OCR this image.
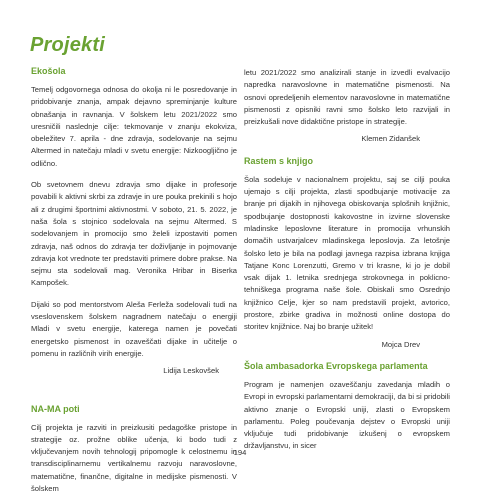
Projekti
Ekošola

Temelj odgovornega odnosa do okolja ni le posredovanje in pridobivanje znanja, ampak dejavno spreminjanje kulture obnašanja in ravnanja. V šolskem letu 2021/2022 smo uresničili naslednje cilje: tekmovanje v znanju ekokviza, obeležitev 7. aprila - dne zdravja, sodelovanje na sejmu Altermed in natečaju mladi v svetu energije: Nizkoogljično je odlično.

Ob svetovnem dnevu zdravja smo dijake in profesorje povabili k aktivni skrbi za zdravje in ure pouka prekinili s hojo ali z drugimi športnimi aktivnostmi. V soboto, 21. 5. 2022, je naša šola s stojnico sodelovala na sejmu Altermed. S sodelovanjem in promocijo smo želeli izpostaviti pomen zdravja, naš odnos do zdravja ter doživljanje in pojmovanje zdravja kot vrednote ter predstaviti primere dobre prakse. Na sejmu sta sodelovali mag. Veronika Hribar in Biserka Kampošek.

Dijaki so pod mentorstvom Aleša Ferleža sodelovali tudi na vseslovenskem šolskem nagradnem natečaju o energiji Mladi v svetu energije, katerega namen je povečati energetsko pismenost in ozaveščati dijake in učitelje o pomenu in različnih virih energije.

Lidija Leskovšek

NA-MA poti

Cilj projekta je razviti in preizkusiti pedagoške pristope in strategije oz. prožne oblike učenja, ki bodo tudi z vključevanjem novih tehnologij pripomogle k celostnemu in transdisciplinarnemu vertikalnemu razvoju naravoslovne, matematične, finančne, digitalne in medijske pismenosti. V šolskem

letu 2021/2022 smo analizirali stanje in izvedli evalvacijo napredka naravoslovne in matematične pismenosti. Na osnovi opredeljenih elementov naravoslovne in matematične pismenosti z opisniki ravni smo šolsko leto razvijali in preizkušali nove didaktične pristope in strategije.

Klemen Zidanšek

Rastem s knjigo

Šola sodeluje v nacionalnem projektu, saj se cilji pouka ujemajo s cilji projekta, zlasti spodbujanje motivacije za branje pri dijakih in njihovega obiskovanja splošnih knjižnic, spodbujanje dostopnosti kakovostne in izvirne slovenske mladinske leposlovne literature in promocija vrhunskih domačih ustvarjalcev mladinskega leposlovja. Za letošnje šolsko leto je bila na podlagi javnega razpisa izbrana knjiga Tatjane Konc Lorenzutti, Gremo v tri krasne, ki jo je dobil vsak dijak 1. letnika srednjega strokovnega in poklicno-tehniškega programa naše šole. Obiskali smo Osrednjo knjižnico Celje, kjer so nam predstavili projekt, avtorico, prostore, zbirke gradiva in možnosti online dostopa do storitev knjižnice. Naj bo branje užitek!

Mojca Drev

Šola ambasadorka Evropskega parlamenta

Program je namenjen ozaveščanju zavedanja mladih o Evropi in evropski parlamentarni demokraciji, da bi si pridobili aktivno znanje o Evropski uniji, zlasti o Evropskem parlamentu. Poleg poučevanja dejstev o Evropski uniji vključuje tudi pridobivanje izkušenj o evropskem državljanstvu, in sicer

194
